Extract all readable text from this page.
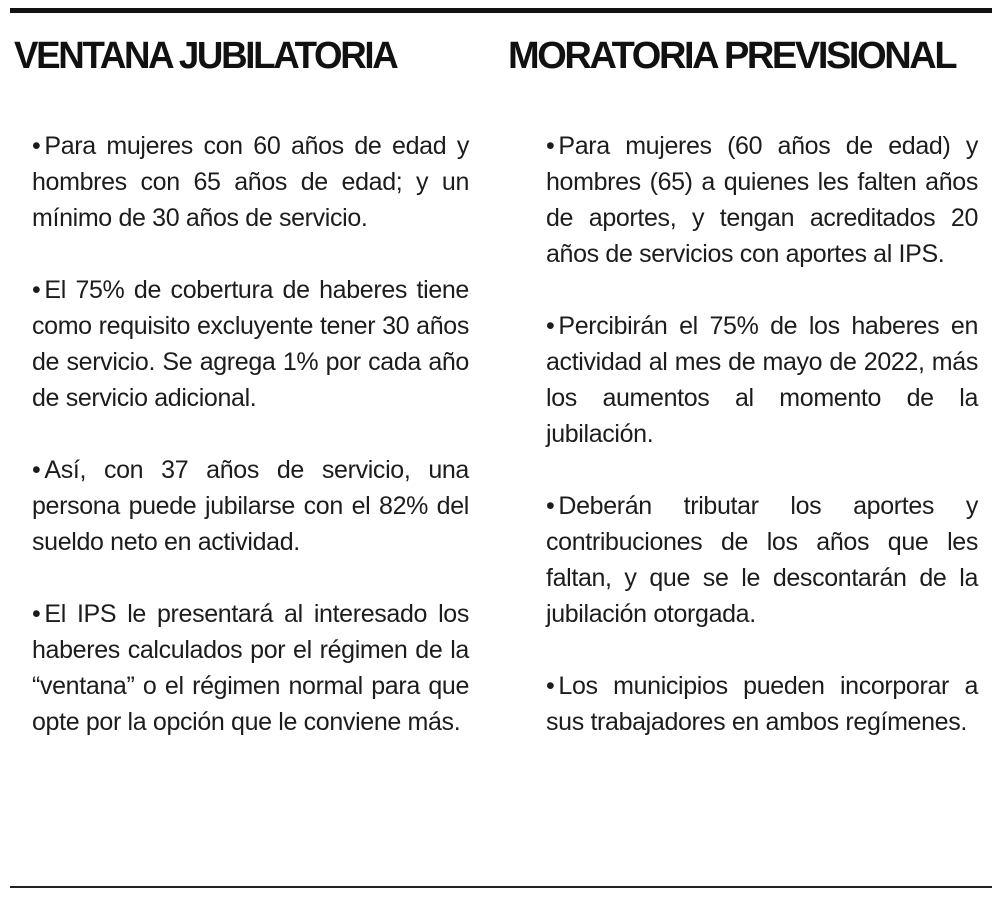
VENTANA JUBILATORIA
• Para mujeres con 60 años de edad y hombres con 65 años de edad; y un mínimo de 30 años de servicio.
• El 75% de cobertura de haberes tiene como requisito excluyente tener 30 años de servicio. Se agrega 1% por cada año de servicio adicional.
• Así, con 37 años de servicio, una persona puede jubilarse con el 82% del sueldo neto en actividad.
• El IPS le presentará al interesado los haberes calculados por el régimen de la “ventana” o el régimen normal para que opte por la opción que le conviene más.
MORATORIA PREVISIONAL
• Para mujeres (60 años de edad) y hombres (65) a quienes les falten años de aportes, y tengan acreditados 20 años de servicios con aportes al IPS.
• Percibirán el 75% de los haberes en actividad al mes de mayo de 2022, más los aumentos al momento de la jubilación.
• Deberán tributar los aportes y contribuciones de los años que les faltan, y que se le descontarán de la jubilación otorgada.
• Los municipios pueden incorporar a sus trabajadores en ambos regímenes.
